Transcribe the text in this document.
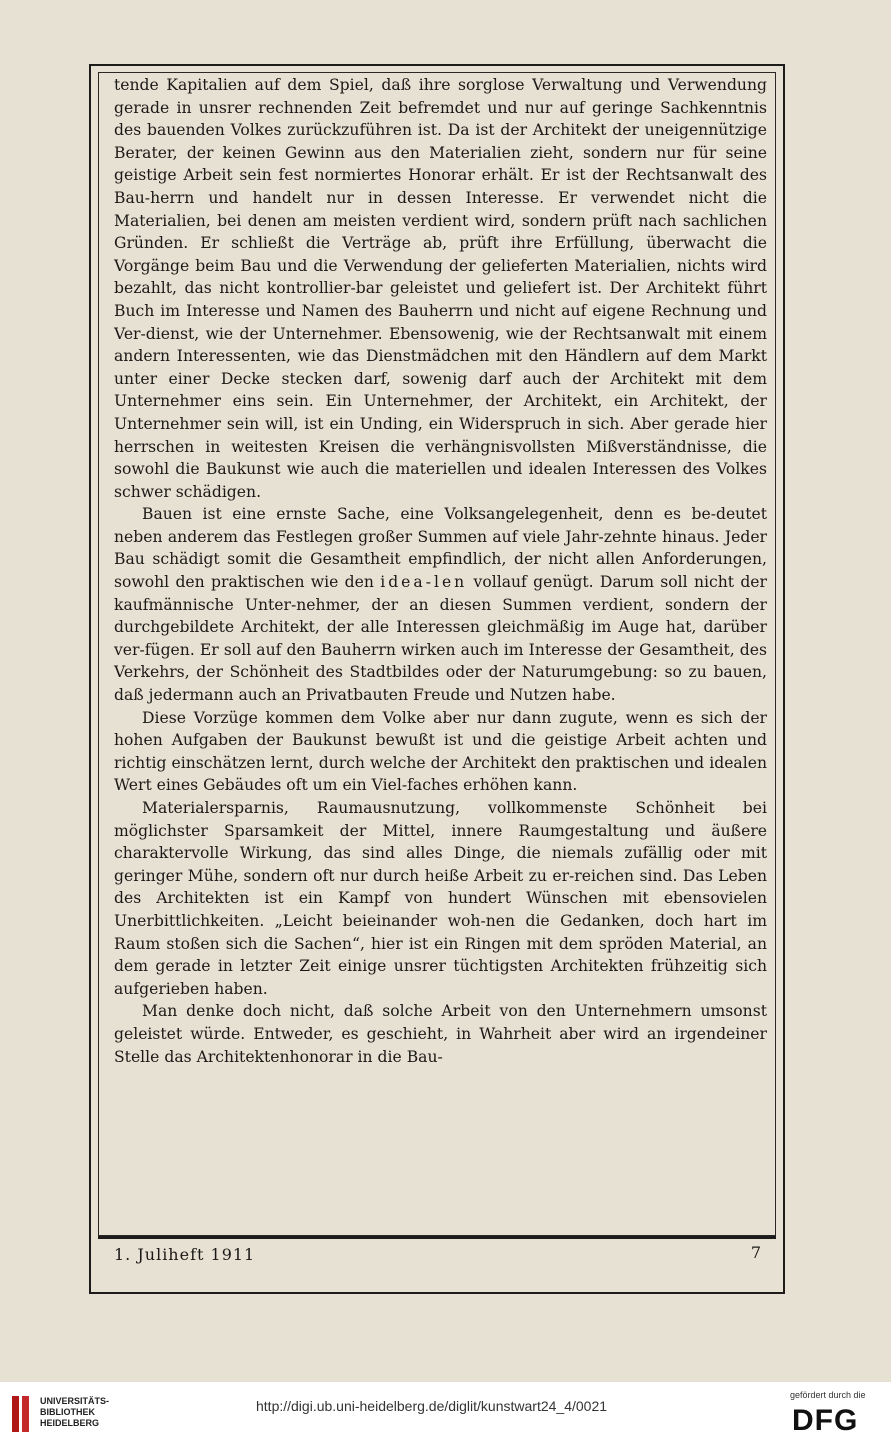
tende Kapitalien auf dem Spiel, daß ihre sorglose Verwaltung und Verwendung gerade in unsrer rechnenden Zeit befremdet und nur auf geringe Sachkenntnis des bauenden Volkes zurückzuführen ist. Da ist der Architekt der uneigennützige Berater, der keinen Gewinn aus den Materialien zieht, sondern nur für seine geistige Arbeit sein fest normiertes Honorar erhält. Er ist der Rechtsanwalt des Bau-herrn und handelt nur in dessen Interesse. Er verwendet nicht die Materialien, bei denen am meisten verdient wird, sondern prüft nach sachlichen Gründen. Er schließt die Verträge ab, prüft ihre Erfüllung, überwacht die Vorgänge beim Bau und die Verwendung der gelieferten Materialien, nichts wird bezahlt, das nicht kontrollier-bar geleistet und geliefert ist. Der Architekt führt Buch im Interesse und Namen des Bauherrn und nicht auf eigene Rechnung und Ver-dienst, wie der Unternehmer. Ebensowenig, wie der Rechtsanwalt mit einem andern Interessenten, wie das Dienstmädchen mit den Händlern auf dem Markt unter einer Decke stecken darf, sowenig darf auch der Architekt mit dem Unternehmer eins sein. Ein Unternehmer, der Architekt, ein Architekt, der Unternehmer sein will, ist ein Unding, ein Widerspruch in sich. Aber gerade hier herrschen in weitesten Kreisen die verhängnisvollsten Mißverständnisse, die sowohl die Baukunst wie auch die materiellen und idealen Interessen des Volkes schwer schädigen.

Bauen ist eine ernste Sache, eine Volksangelegenheit, denn es be-deutet neben anderem das Festlegen großer Summen auf viele Jahr-zehnte hinaus. Jeder Bau schädigt somit die Gesamtheit empfindlich, der nicht allen Anforderungen, sowohl den praktischen wie den idea-len vollauf genügt. Darum soll nicht der kaufmännische Unter-nehmer, der an diesen Summen verdient, sondern der durchgebildete Architekt, der alle Interessen gleichmäßig im Auge hat, darüber ver-fügen. Er soll auf den Bauherrn wirken auch im Interesse der Gesamtheit, des Verkehrs, der Schönheit des Stadtbildes oder der Naturumgebung: so zu bauen, daß jedermann auch an Privatbauten Freude und Nutzen habe.

Diese Vorzüge kommen dem Volke aber nur dann zugute, wenn es sich der hohen Aufgaben der Baukunst bewußt ist und die geistige Arbeit achten und richtig einschätzen lernt, durch welche der Architekt den praktischen und idealen Wert eines Gebäudes oft um ein Viel-faches erhöhen kann.

Materialersparnis, Raumausnutzung, vollkommenste Schönheit bei möglichster Sparsamkeit der Mittel, innere Raumgestaltung und äußere charaktervolle Wirkung, das sind alles Dinge, die niemals zufällig oder mit geringer Mühe, sondern oft nur durch heiße Arbeit zu er-reichen sind. Das Leben des Architekten ist ein Kampf von hundert Wünschen mit ebensovielen Unerbittlichkeiten. „Leicht beieinander woh-nen die Gedanken, doch hart im Raum stoßen sich die Sachen“, hier ist ein Ringen mit dem spröden Material, an dem gerade in letzter Zeit einige unsrer tüchtigsten Architekten frühzeitig sich aufgerieben haben.

Man denke doch nicht, daß solche Arbeit von den Unternehmern umsonst geleistet würde. Entweder, es geschieht, in Wahrheit aber wird an irgendeiner Stelle das Architektenhonorar in die Bau-

1. Juliheft 1911	7
UNIVERSITÄTS-
BIBLIOTHEK
HEIDELBERG
http://digi.ub.uni-heidelberg.de/diglit/kunstwart24_4/0021
gefördert durch die
DFG
